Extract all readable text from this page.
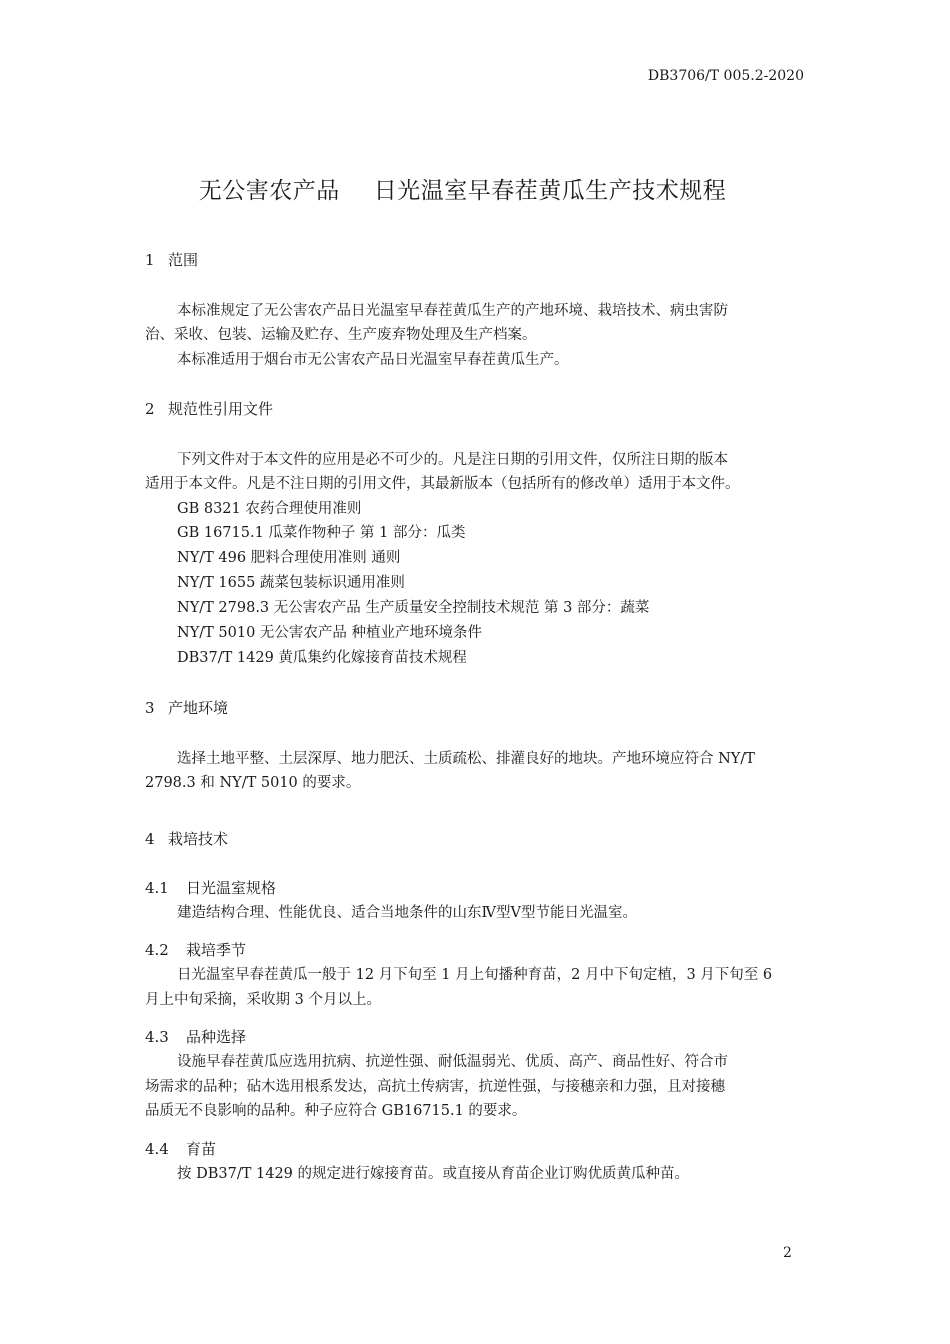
DB3706/T 005.2-2020
无公害农产品 日光温室早春茬黄瓜生产技术规程
1 范围
本标准规定了无公害农产品日光温室早春茬黄瓜生产的产地环境、栽培技术、病虫害防
治、采收、包装、运输及贮存、生产废弃物处理及生产档案。
本标准适用于烟台市无公害农产品日光温室早春茬黄瓜生产。
2 规范性引用文件
下列文件对于本文件的应用是必不可少的。凡是注日期的引用文件，仅所注日期的版本
适用于本文件。凡是不注日期的引用文件，其最新版本（包括所有的修改单）适用于本文件。
GB 8321 农药合理使用准则
GB 16715.1 瓜菜作物种子 第 1 部分：瓜类
NY/T 496 肥料合理使用准则 通则
NY/T 1655 蔬菜包装标识通用准则
NY/T 2798.3 无公害农产品 生产质量安全控制技术规范 第 3 部分：蔬菜
NY/T 5010 无公害农产品 种植业产地环境条件
DB37/T 1429 黄瓜集约化嫁接育苗技术规程
3 产地环境
选择土地平整、土层深厚、地力肥沃、土质疏松、排灌良好的地块。产地环境应符合 NY/T
2798.3 和 NY/T 5010 的要求。
4 栽培技术
4.1 日光温室规格
建造结构合理、性能优良、适合当地条件的山东Ⅳ型Ⅴ型节能日光温室。
4.2 栽培季节
日光温室早春茬黄瓜一般于 12 月下旬至 1 月上旬播种育苗，2 月中下旬定植，3 月下旬至 6
月上中旬采摘，采收期 3 个月以上。
4.3 品种选择
设施早春茬黄瓜应选用抗病、抗逆性强、耐低温弱光、优质、高产、商品性好、符合市
场需求的品种；砧木选用根系发达，高抗土传病害，抗逆性强，与接穗亲和力强，且对接穗
品质无不良影响的品种。种子应符合 GB16715.1 的要求。
4.4 育苗
按 DB37/T 1429 的规定进行嫁接育苗。或直接从育苗企业订购优质黄瓜种苗。
2
